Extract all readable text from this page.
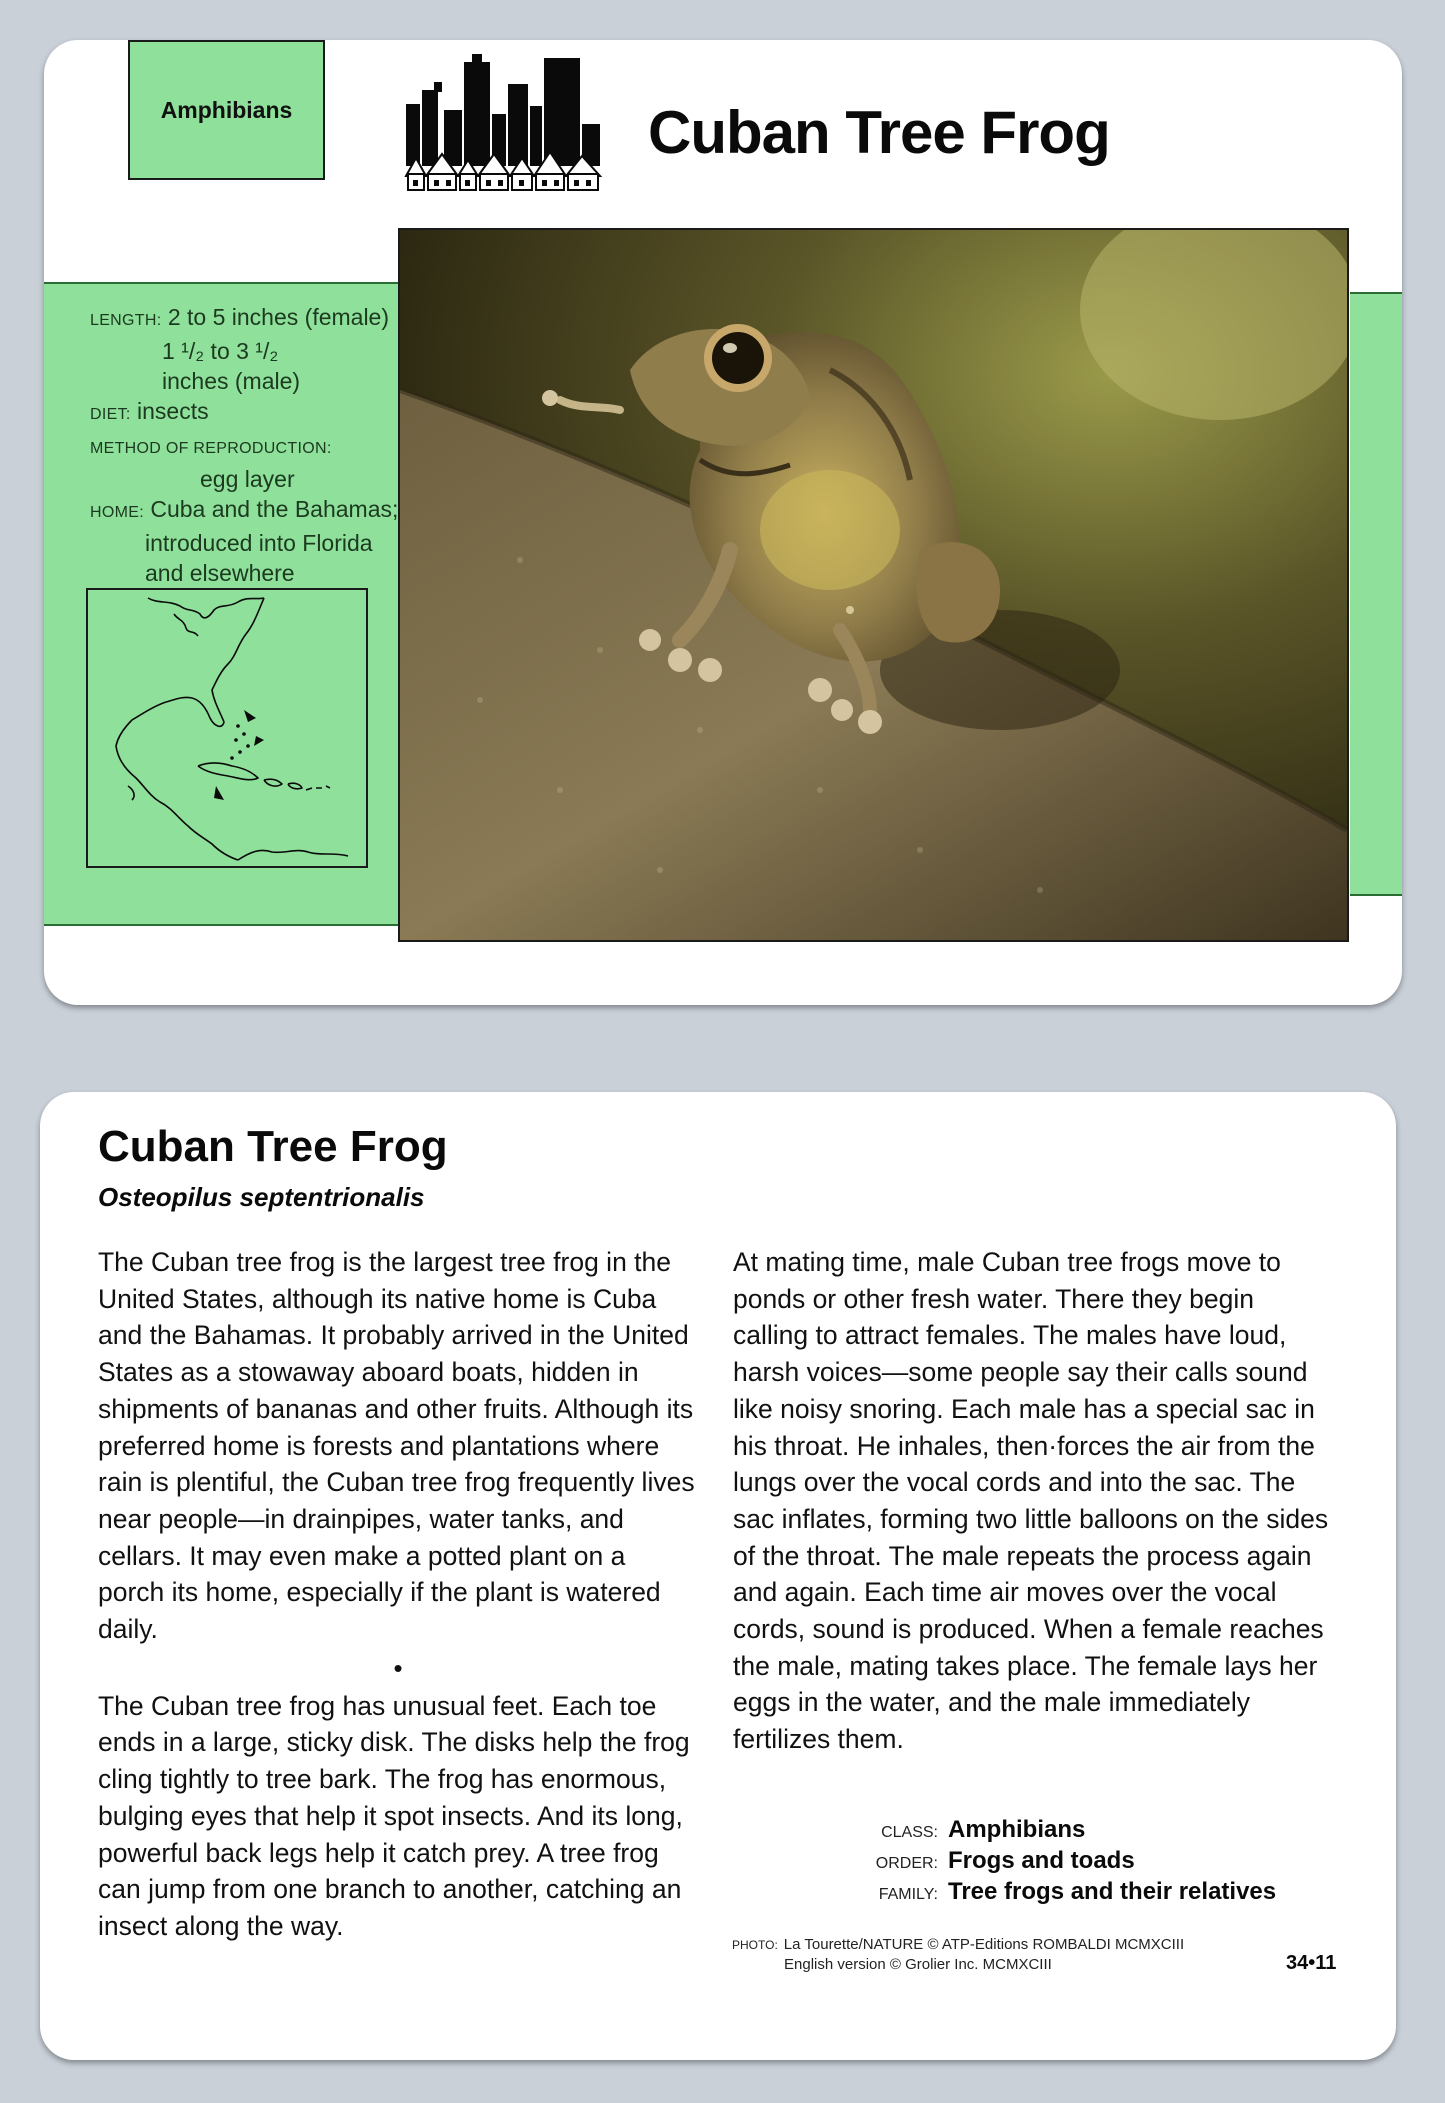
Amphibians	Cuban Tree Frog
LENGTH: 2 to 5 inches (female)
1 ¹/₂ to 3 ¹/₂
inches (male)
DIET: insects
METHOD OF REPRODUCTION:
egg layer
HOME: Cuba and the Bahamas;
introduced into Florida
and elsewhere
Cuban Tree Frog
Osteopilus septentrionalis

The Cuban tree frog is the largest tree frog in the United States, although its native home is Cuba and the Bahamas. It probably arrived in the United States as a stowaway aboard boats, hidden in shipments of bananas and other fruits. Although its preferred home is forests and plantations where rain is plentiful, the Cuban tree frog frequently lives near people—in drainpipes, water tanks, and cellars. It may even make a potted plant on a porch its home, especially if the plant is watered daily.

•

The Cuban tree frog has unusual feet. Each toe ends in a large, sticky disk. The disks help the frog cling tightly to tree bark. The frog has enormous, bulging eyes that help it spot insects. And its long, powerful back legs help it catch prey. A tree frog can jump from one branch to another, catching an insect along the way.

At mating time, male Cuban tree frogs move to ponds or other fresh water. There they begin calling to attract females. The males have loud, harsh voices—some people say their calls sound like noisy snoring. Each male has a special sac in his throat. He inhales, then·forces the air from the lungs over the vocal cords and into the sac. The sac inflates, forming two little balloons on the sides of the throat. The male repeats the process again and again. Each time air moves over the vocal cords, sound is produced. When a female reaches the male, mating takes place. The female lays her eggs in the water, and the male immediately fertilizes them.

CLASS: Amphibians
ORDER: Frogs and toads
FAMILY: Tree frogs and their relatives
PHOTO: La Tourette/NATURE © ATP-Editions ROMBALDI MCMXCIII
English version © Grolier Inc. MCMXCIII	34•11
